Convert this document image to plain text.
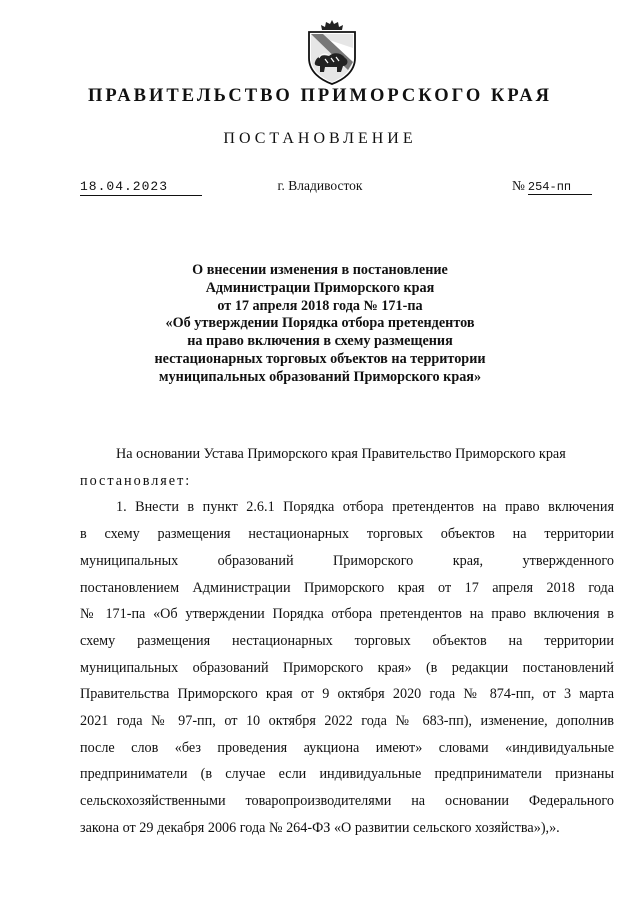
ПРАВИТЕЛЬСТВО ПРИМОРСКОГО КРАЯ
ПОСТАНОВЛЕНИЕ
18.04.2023	г. Владивосток	№ 254-пп
О внесении изменения в постановление
Администрации Приморского края
от 17 апреля 2018 года № 171-па
«Об утверждении Порядка отбора претендентов
на право включения в схему размещения
нестационарных торговых объектов на территории
муниципальных образований Приморского края»
На основании Устава Приморского края Правительство Приморского края
постановляет:
1. Внести в пункт 2.6.1 Порядка отбора претендентов на право включения
в схему размещения нестационарных торговых объектов на территории
муниципальных образований Приморского края, утвержденного
постановлением Администрации Приморского края от 17 апреля 2018 года
№ 171-па «Об утверждении Порядка отбора претендентов на право включения в
схему размещения нестационарных торговых объектов на территории
муниципальных образований Приморского края» (в редакции постановлений
Правительства Приморского края от 9 октября 2020 года № 874-пп, от 3 марта
2021 года № 97-пп, от 10 октября 2022 года № 683-пп), изменение, дополнив
после слов «без проведения аукциона имеют» словами «индивидуальные
предприниматели (в случае если индивидуальные предприниматели признаны
сельскохозяйственными товаропроизводителями на основании Федерального
закона от 29 декабря 2006 года № 264-ФЗ «О развитии сельского хозяйства»),».
